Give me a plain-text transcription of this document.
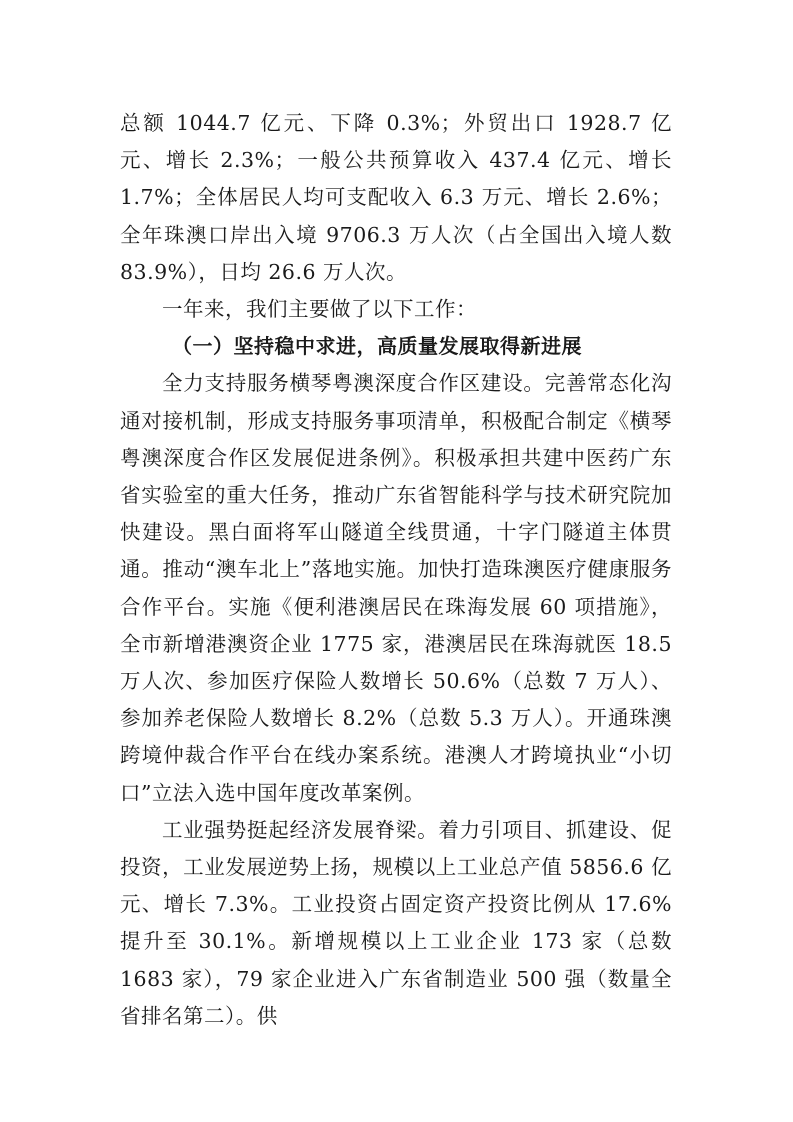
总额 1044.7 亿元、下降 0.3%；外贸出口 1928.7 亿元、增长 2.3%；一般公共预算收入 437.4 亿元、增长 1.7%；全体居民人均可支配收入 6.3 万元、增长 2.6%；全年珠澳口岸出入境 9706.3 万人次（占全国出入境人数 83.9%），日均 26.6 万人次。

一年来，我们主要做了以下工作：

（一）坚持稳中求进，高质量发展取得新进展

全力支持服务横琴粤澳深度合作区建设。完善常态化沟通对接机制，形成支持服务事项清单，积极配合制定《横琴粤澳深度合作区发展促进条例》。积极承担共建中医药广东省实验室的重大任务，推动广东省智能科学与技术研究院加快建设。黑白面将军山隧道全线贯通，十字门隧道主体贯通。推动“澳车北上”落地实施。加快打造珠澳医疗健康服务合作平台。实施《便利港澳居民在珠海发展 60 项措施》，全市新增港澳资企业 1775 家，港澳居民在珠海就医 18.5 万人次、参加医疗保险人数增长 50.6%（总数 7 万人）、参加养老保险人数增长 8.2%（总数 5.3 万人）。开通珠澳跨境仲裁合作平台在线办案系统。港澳人才跨境执业“小切口”立法入选中国年度改革案例。

工业强势挺起经济发展脊梁。着力引项目、抓建设、促投资，工业发展逆势上扬，规模以上工业总产值 5856.6 亿元、增长 7.3%。工业投资占固定资产投资比例从 17.6%提升至 30.1%。新增规模以上工业企业 173 家（总数 1683 家），79 家企业进入广东省制造业 500 强（数量全省排名第二）。供
